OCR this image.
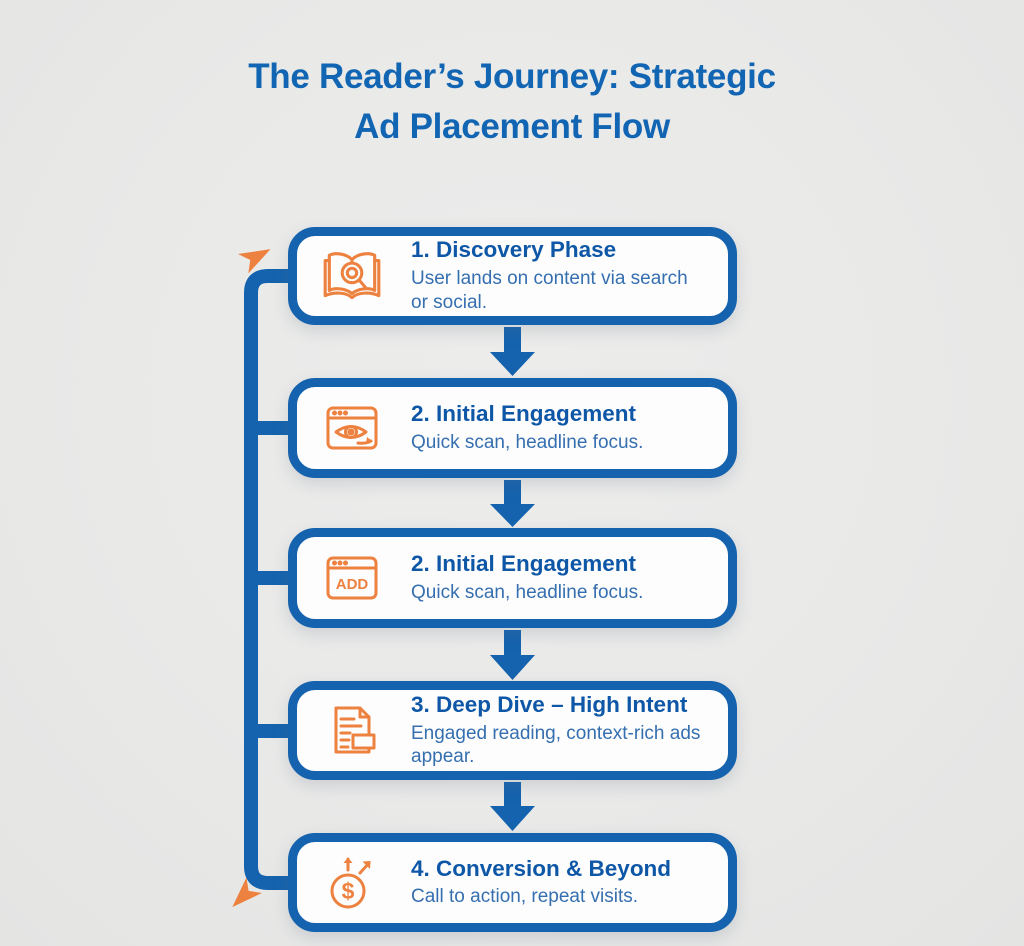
The Reader’s Journey: Strategic
Ad Placement Flow
1. Discovery Phase
User lands on content via search or social.
2. Initial Engagement
Quick scan, headline focus.
ADD
2. Initial Engagement
Quick scan, headline focus.
3. Deep Dive – High Intent
Engaged reading, context-rich ads appear.
$
4. Conversion & Beyond
Call to action, repeat visits.
